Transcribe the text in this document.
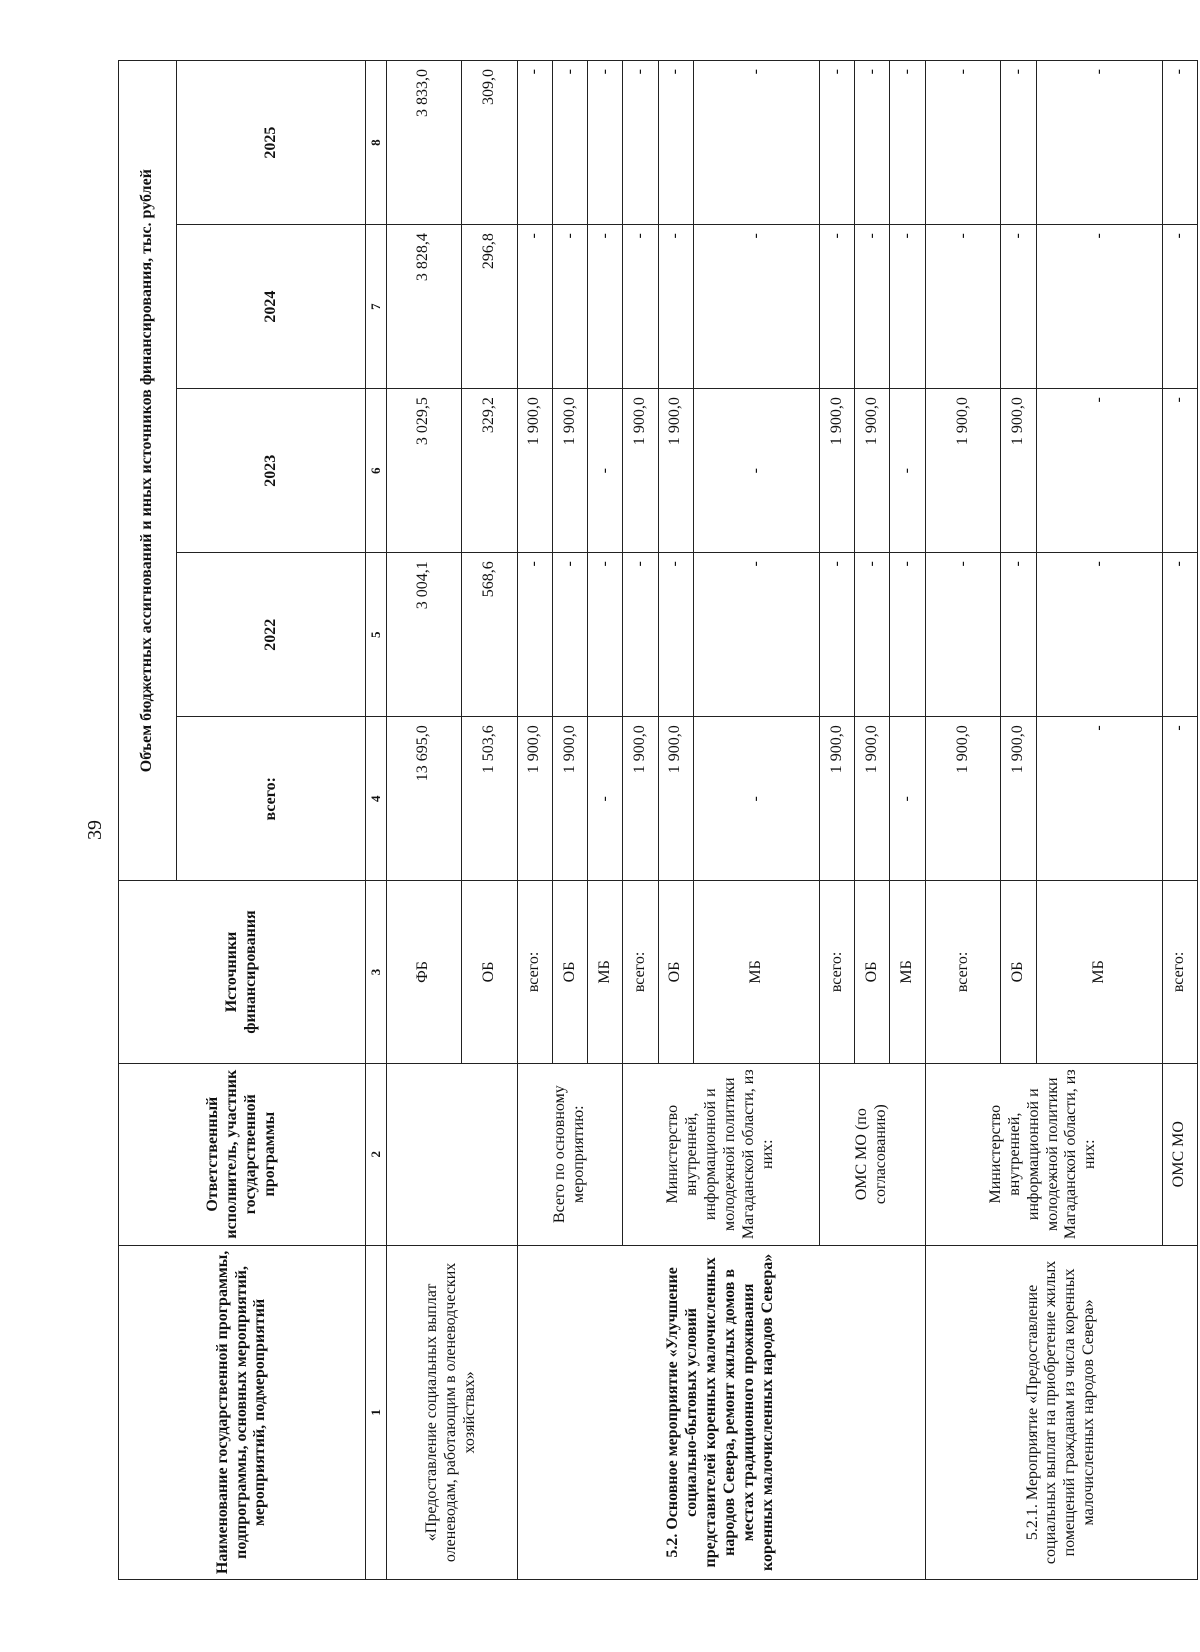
39
Наименование государственной программы, подпрограммы, основных мероприятий, мероприятий, подмероприятий	Ответственный исполнитель, участник государственной программы	Источники финансирования	Объем бюджетных ассигнований и иных источников финансирования, тыс. рублей				
			всего:	2022	2023	2024	2025
1	2	3	4	5	6	7	8
«Предоставление социальных выплат оленеводам, работающим в оленеводческих хозяйствах»		ФБ	13 695,0	3 004,1	3 029,5	3 828,4	3 833,0
		ОБ	1 503,6	568,6	329,2	296,8	309,0
5.2. Основное мероприятие «Улучшение социально-бытовых условий представителей коренных малочисленных народов Севера, ремонт жилых домов в местах традиционного проживания коренных малочисленных народов Севера»	Всего по основному мероприятию:	всего:	1 900,0	-	1 900,0	-	-
		ОБ	1 900,0	-	1 900,0	-	-
		МБ	-	-	-	-	-
	Министерство внутренней, информационной и молодежной политики Магаданской области, из них:	всего:	1 900,0	-	1 900,0	-	-
		ОБ	1 900,0	-	1 900,0	-	-
		МБ	-	-	-	-	-
	ОМС МО (по согласованию)	всего:	1 900,0	-	1 900,0	-	-
		ОБ	1 900,0	-	1 900,0	-	-
		МБ	-	-	-	-	-
5.2.1. Мероприятие «Предоставление социальных выплат на приобретение жилых помещений гражданам из числа коренных малочисленных народов Севера»	Министерство внутренней, информационной и молодежной политики Магаданской области, из них:	всего:	1 900,0	-	1 900,0	-	-
		ОБ	1 900,0	-	1 900,0	-	-
		МБ	-	-	-	-	-
	ОМС МО	всего:	-	-	-	-	-
